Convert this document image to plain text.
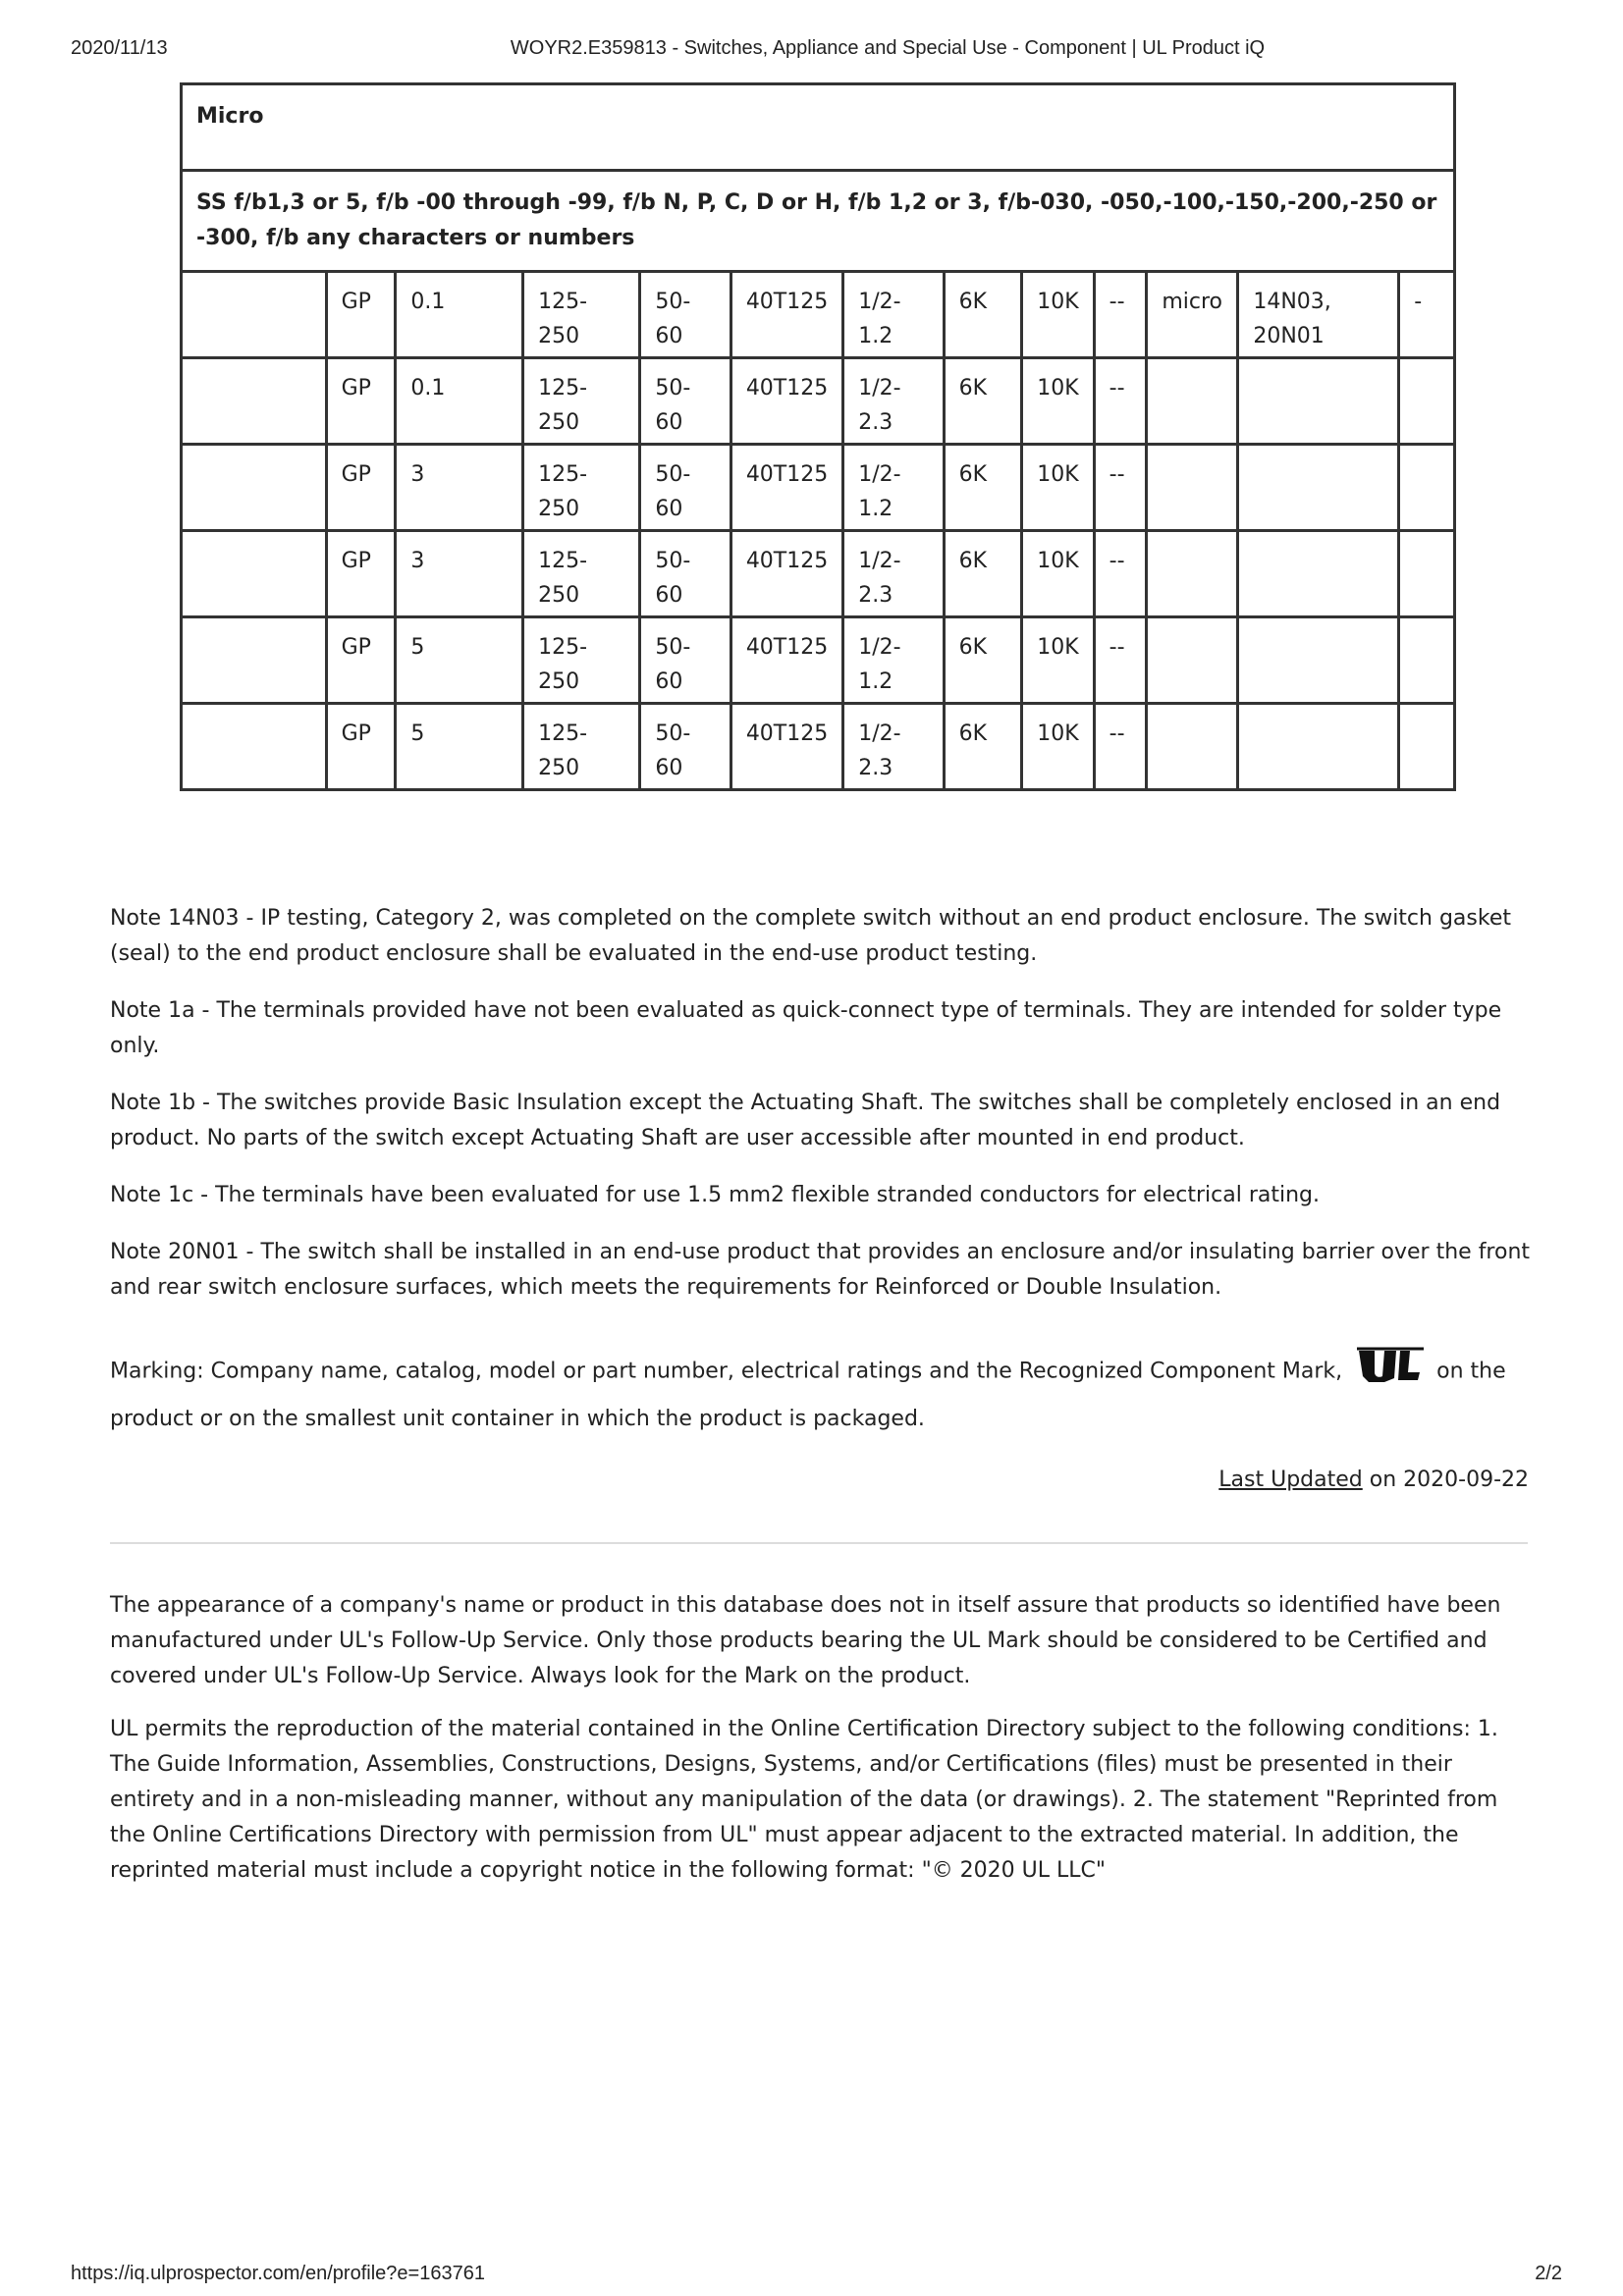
2020/11/13	WOYR2.E359813 - Switches, Appliance and Special Use - Component | UL Product iQ
Micro												
SS f/b1,3 or 5, f/b -00 through -99, f/b N, P, C, D or H, f/b 1,2 or 3, f/b-030, -050,-100,-150,-200,-250 or -300, f/b any characters or numbers												
	GP	0.1	125-250	50-60	40T125	1/2-1.2	6K	10K	--	micro	14N03, 20N01	-
	GP	0.1	125-250	50-60	40T125	1/2-2.3	6K	10K	--			
	GP	3	125-250	50-60	40T125	1/2-1.2	6K	10K	--			
	GP	3	125-250	50-60	40T125	1/2-2.3	6K	10K	--			
	GP	5	125-250	50-60	40T125	1/2-1.2	6K	10K	--			
	GP	5	125-250	50-60	40T125	1/2-2.3	6K	10K	--			

Note 14N03 - IP testing, Category 2, was completed on the complete switch without an end product enclosure. The switch gasket (seal) to the end product enclosure shall be evaluated in the end-use product testing.

Note 1a - The terminals provided have not been evaluated as quick-connect type of terminals. They are intended for solder type only.

Note 1b - The switches provide Basic Insulation except the Actuating Shaft. The switches shall be completely enclosed in an end product. No parts of the switch except Actuating Shaft are user accessible after mounted in end product.

Note 1c - The terminals have been evaluated for use 1.5 mm2 flexible stranded conductors for electrical rating.

Note 20N01 - The switch shall be installed in an end-use product that provides an enclosure and/or insulating barrier over the front and rear switch enclosure surfaces, which meets the requirements for Reinforced or Double Insulation.

Marking: Company name, catalog, model or part number, electrical ratings and the Recognized Component Mark,	on the product or on the smallest unit container in which the product is packaged.
Last Updated on 2020-09-22

The appearance of a company's name or product in this database does not in itself assure that products so identified have been manufactured under UL's Follow-Up Service. Only those products bearing the UL Mark should be considered to be Certified and covered under UL's Follow-Up Service. Always look for the Mark on the product.

UL permits the reproduction of the material contained in the Online Certification Directory subject to the following conditions: 1. The Guide Information, Assemblies, Constructions, Designs, Systems, and/or Certifications (files) must be presented in their entirety and in a non-misleading manner, without any manipulation of the data (or drawings). 2. The statement "Reprinted from the Online Certifications Directory with permission from UL" must appear adjacent to the extracted material. In addition, the reprinted material must include a copyright notice in the following format: "© 2020 UL LLC"

https://iq.ulprospector.com/en/profile?e=163761	2/2
